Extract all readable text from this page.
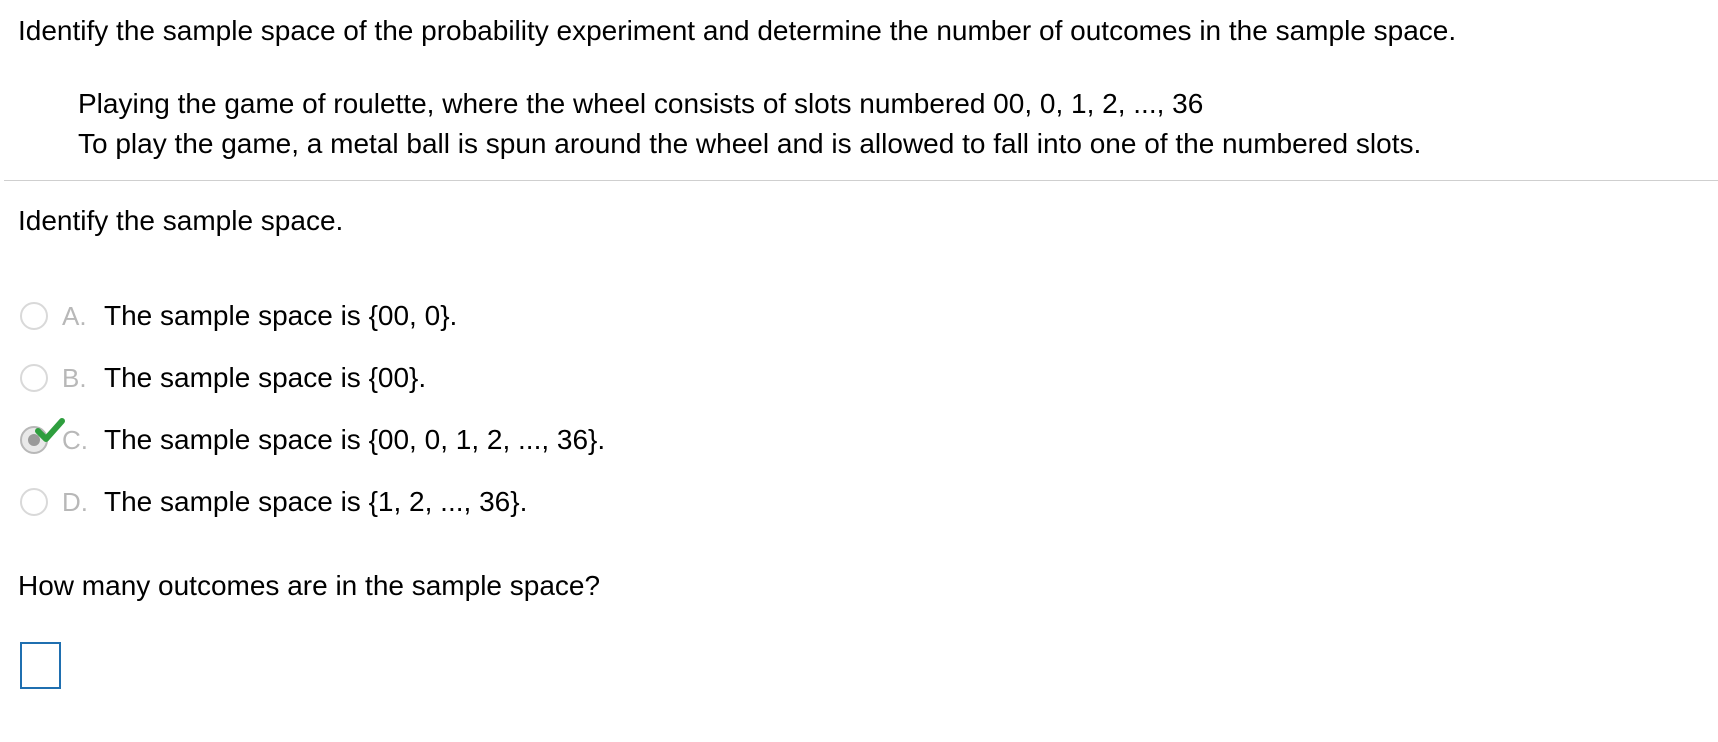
Identify the sample space of the probability experiment and determine the number of outcomes in the sample space.
Playing the game of roulette, where the wheel consists of slots numbered 00, 0, 1, 2, ..., 36
To play the game, a metal ball is spun around the wheel and is allowed to fall into one of the numbered slots.
Identify the sample space.
A. The sample space is {00, 0}.
B. The sample space is {00}.
C. The sample space is {00, 0, 1, 2, ..., 36}.
D. The sample space is {1, 2, ..., 36}.
How many outcomes are in the sample space?
